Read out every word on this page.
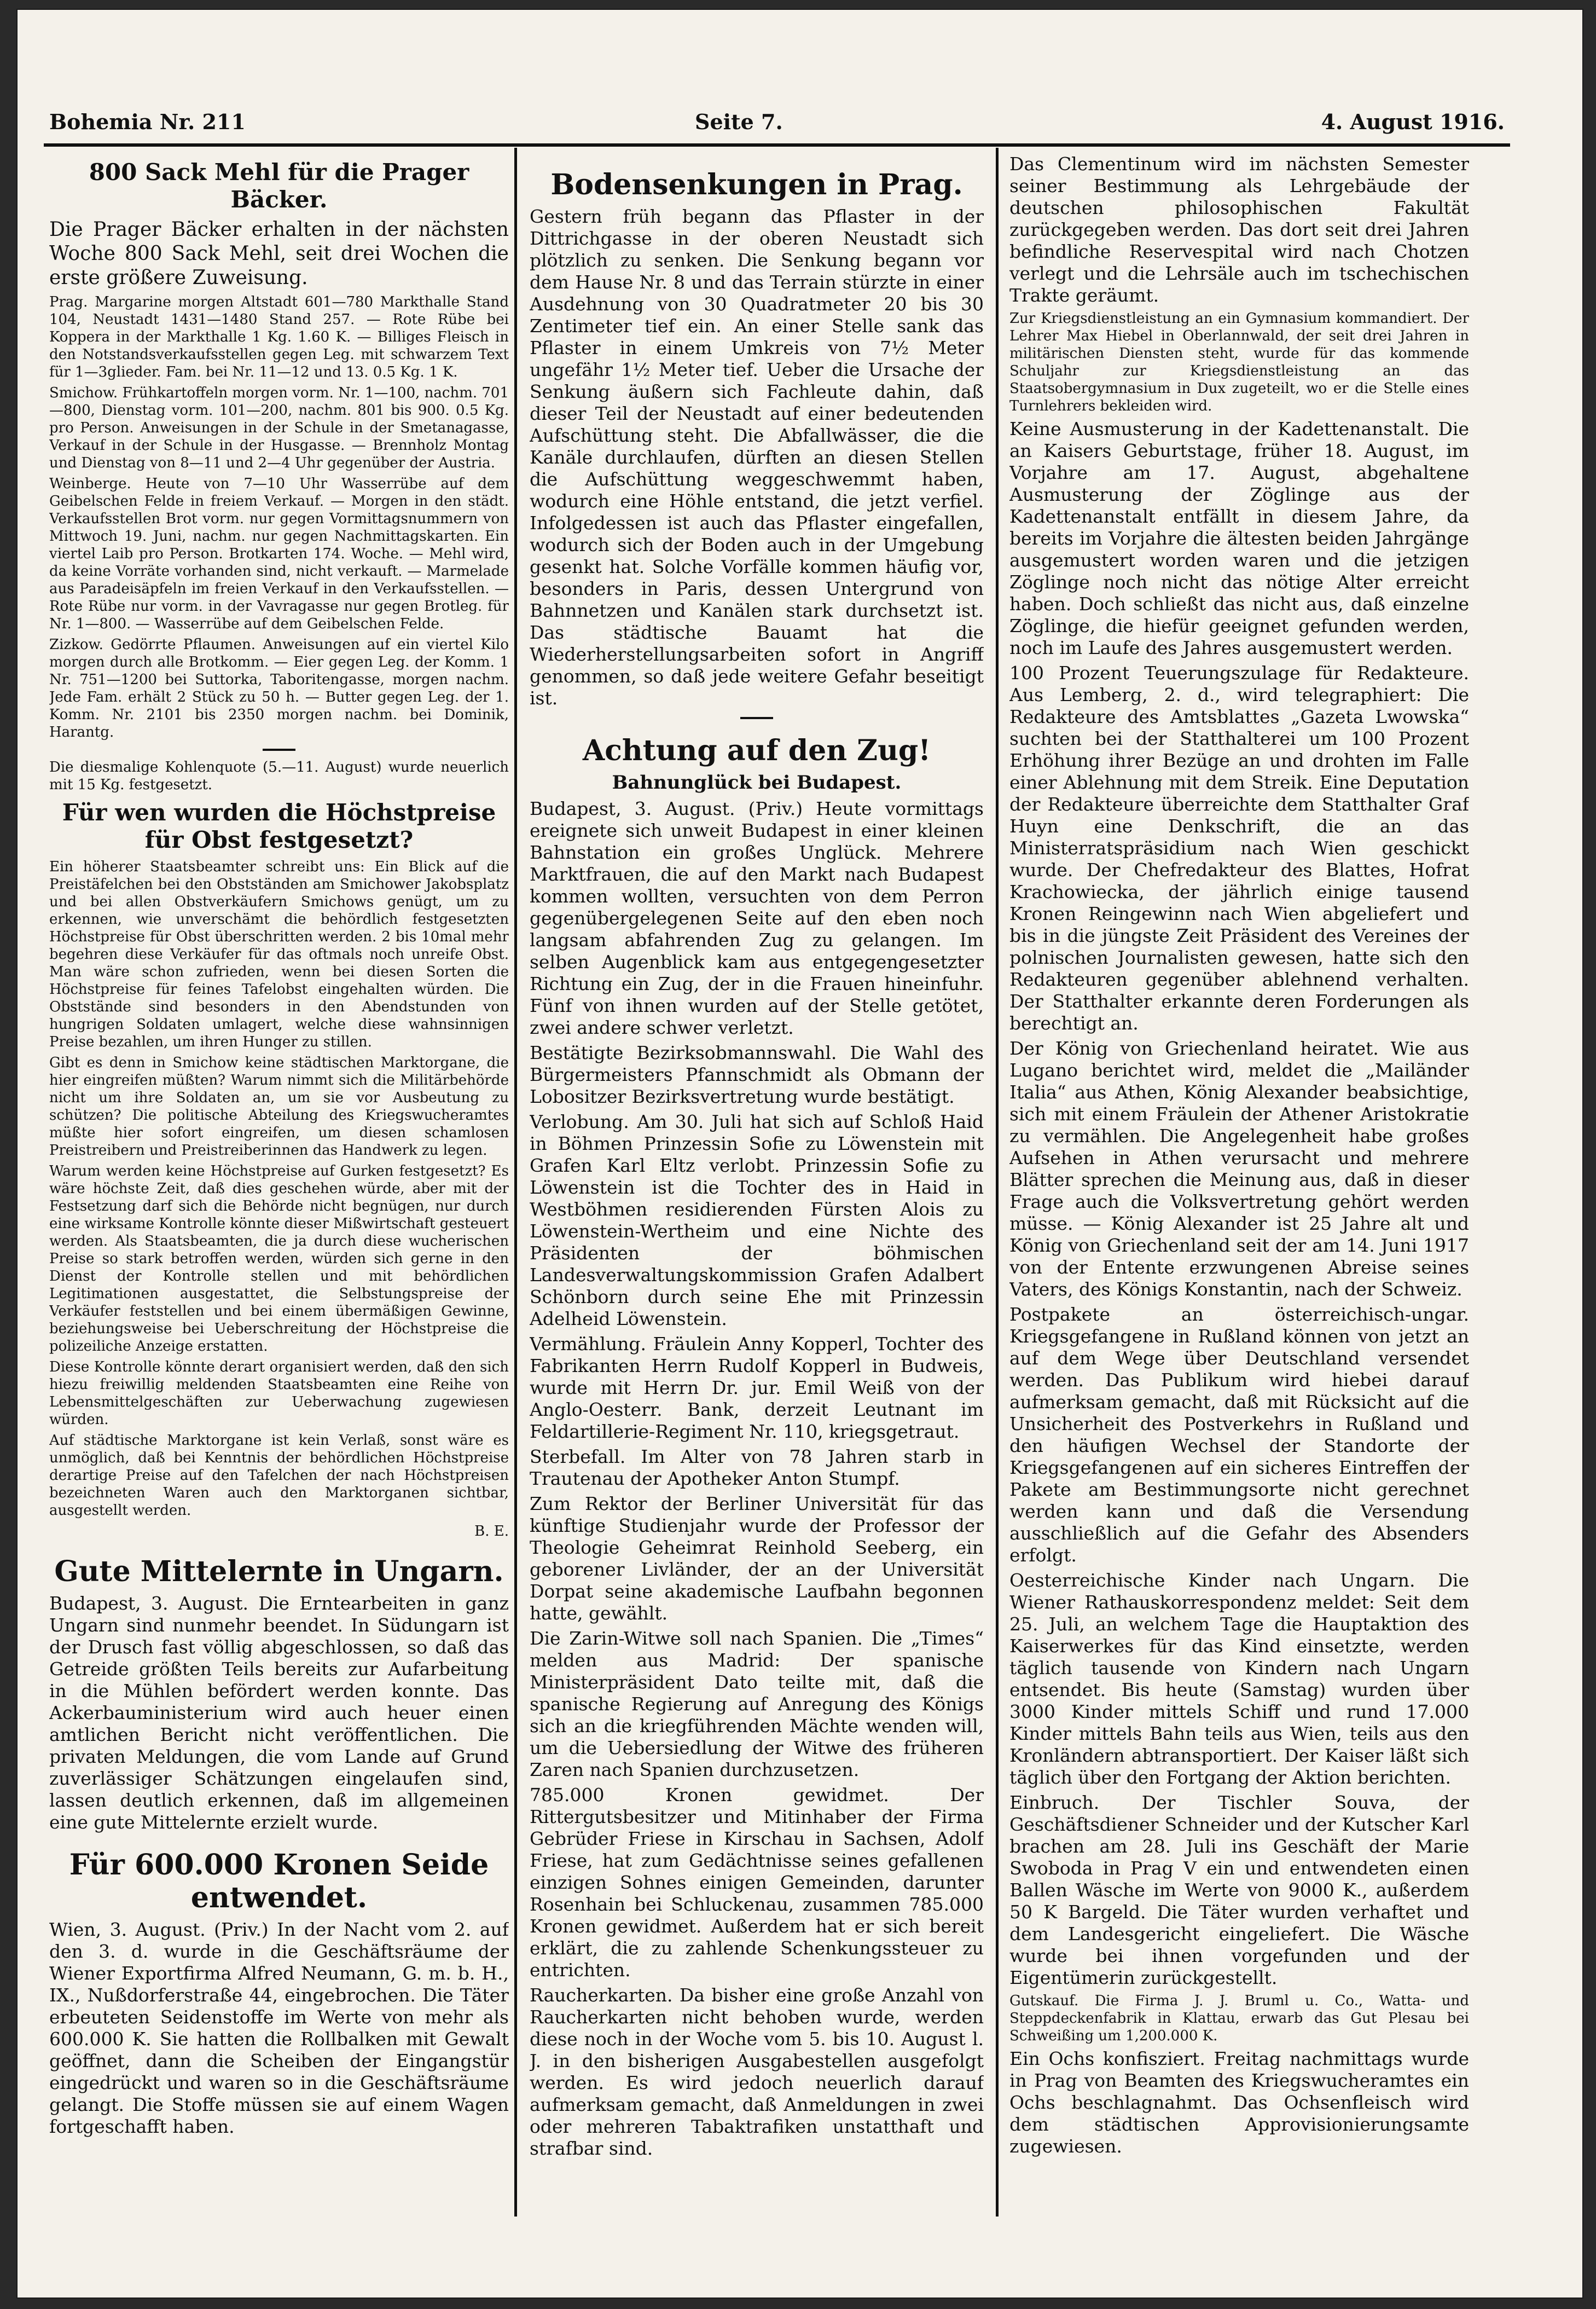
Bohemia Nr. 211	Seite 7.	4. August 1916.
800 Sack Mehl für die Prager Bäcker.
Die Prager Bäcker erhalten in der nächsten Woche 800 Sack Mehl, seit drei Wochen die erste größere Zuweisung.
Prag. Margarine morgen Altstadt 601—780 Markthalle Stand 104, Neustadt 1431—1480 Stand 257. — Rote Rübe bei Koppera in der Markthalle 1 Kg. 1.60 K. — Billiges Fleisch in den Notstandsverkaufsstellen gegen Leg. mit schwarzem Text für 1—3glieder. Fam. bei Nr. 11—12 und 13. 0.5 Kg. 1 K.
Smichow. Frühkartoffeln morgen vorm. Nr. 1—100, nachm. 701—800, Dienstag vorm. 101—200, nachm. 801 bis 900. 0.5 Kg. pro Person. Anweisungen in der Schule in der Smetanagasse, Verkauf in der Schule in der Husgasse. — Brennholz Montag und Dienstag von 8—11 und 2—4 Uhr gegenüber der Austria.
Weinberge. Heute von 7—10 Uhr Wasserrübe auf dem Geibelschen Felde in freiem Verkauf. — Morgen in den städt. Verkaufsstellen Brot vorm. nur gegen Vormittagsnummern von Mittwoch 19. Juni, nachm. nur gegen Nachmittagskarten. Ein viertel Laib pro Person. Brotkarten 174. Woche. — Mehl wird, da keine Vorräte vorhanden sind, nicht verkauft. — Marmelade aus Paradeisäpfeln im freien Verkauf in den Verkaufsstellen. — Rote Rübe nur vorm. in der Vavragasse nur gegen Brotleg. für Nr. 1—800. — Wasserrübe auf dem Geibelschen Felde.
Zizkow. Gedörrte Pflaumen. Anweisungen auf ein viertel Kilo morgen durch alle Brotkomm. — Eier gegen Leg. der Komm. 1 Nr. 751—1200 bei Suttorka, Taboritengasse, morgen nachm. Jede Fam. erhält 2 Stück zu 50 h. — Butter gegen Leg. der 1. Komm. Nr. 2101 bis 2350 morgen nachm. bei Dominik, Harantg.
Die diesmalige Kohlenquote (5.—11. August) wurde neuerlich mit 15 Kg. festgesetzt.
Für wen wurden die Höchstpreise für Obst festgesetzt?
Ein höherer Staatsbeamter schreibt uns: Ein Blick auf die Preistäfelchen bei den Obstständen am Smichower Jakobsplatz und bei allen Obstverkäufern Smichows genügt, um zu erkennen, wie unverschämt die behördlich festgesetzten Höchstpreise für Obst überschritten werden. 2 bis 10mal mehr begehren diese Verkäufer für das oftmals noch unreife Obst. Man wäre schon zufrieden, wenn bei diesen Sorten die Höchstpreise für feines Tafelobst eingehalten würden. Die Obststände sind besonders in den Abendstunden von hungrigen Soldaten umlagert, welche diese wahnsinnigen Preise bezahlen, um ihren Hunger zu stillen.
Gibt es denn in Smichow keine städtischen Marktorgane, die hier eingreifen müßten? Warum nimmt sich die Militärbehörde nicht um ihre Soldaten an, um sie vor Ausbeutung zu schützen? Die politische Abteilung des Kriegswucheramtes müßte hier sofort eingreifen, um diesen schamlosen Preistreibern und Preistreiberinnen das Handwerk zu legen.
Warum werden keine Höchstpreise auf Gurken festgesetzt? Es wäre höchste Zeit, daß dies geschehen würde, aber mit der Festsetzung darf sich die Behörde nicht begnügen, nur durch eine wirksame Kontrolle könnte dieser Mißwirtschaft gesteuert werden. Als Staatsbeamten, die ja durch diese wucherischen Preise so stark betroffen werden, würden sich gerne in den Dienst der Kontrolle stellen und mit behördlichen Legitimationen ausgestattet, die Selbstungspreise der Verkäufer feststellen und bei einem übermäßigen Gewinne, beziehungsweise bei Ueberschreitung der Höchstpreise die polizeiliche Anzeige erstatten.
Diese Kontrolle könnte derart organisiert werden, daß den sich hiezu freiwillig meldenden Staatsbeamten eine Reihe von Lebensmittelgeschäften zur Ueberwachung zugewiesen würden.
Auf städtische Marktorgane ist kein Verlaß, sonst wäre es unmöglich, daß bei Kenntnis der behördlichen Höchstpreise derartige Preise auf den Tafelchen der nach Höchstpreisen bezeichneten Waren auch den Marktorganen sichtbar, ausgestellt werden.
B. E.
Gute Mittelernte in Ungarn.
Budapest, 3. August. Die Erntearbeiten in ganz Ungarn sind nunmehr beendet. In Südungarn ist der Drusch fast völlig abgeschlossen, so daß das Getreide größten Teils bereits zur Aufarbeitung in die Mühlen befördert werden konnte. Das Ackerbauministerium wird auch heuer einen amtlichen Bericht nicht veröffentlichen. Die privaten Meldungen, die vom Lande auf Grund zuverlässiger Schätzungen eingelaufen sind, lassen deutlich erkennen, daß im allgemeinen eine gute Mittelernte erzielt wurde.
Für 600.000 Kronen Seide entwendet.
Wien, 3. August. (Priv.) In der Nacht vom 2. auf den 3. d. wurde in die Geschäftsräume der Wiener Exportfirma Alfred Neumann, G. m. b. H., IX., Nußdorferstraße 44, eingebrochen. Die Täter erbeuteten Seidenstoffe im Werte von mehr als 600.000 K. Sie hatten die Rollbalken mit Gewalt geöffnet, dann die Scheiben der Eingangstür eingedrückt und waren so in die Geschäftsräume gelangt. Die Stoffe müssen sie auf einem Wagen fortgeschafft haben.
Bodensenkungen in Prag.
Gestern früh begann das Pflaster in der Dittrichgasse in der oberen Neustadt sich plötzlich zu senken. Die Senkung begann vor dem Hause Nr. 8 und das Terrain stürzte in einer Ausdehnung von 30 Quadratmeter 20 bis 30 Zentimeter tief ein. An einer Stelle sank das Pflaster in einem Umkreis von 7½ Meter ungefähr 1½ Meter tief. Ueber die Ursache der Senkung äußern sich Fachleute dahin, daß dieser Teil der Neustadt auf einer bedeutenden Aufschüttung steht. Die Abfallwässer, die die Kanäle durchlaufen, dürften an diesen Stellen die Aufschüttung weggeschwemmt haben, wodurch eine Höhle entstand, die jetzt verfiel. Infolgedessen ist auch das Pflaster eingefallen, wodurch sich der Boden auch in der Umgebung gesenkt hat. Solche Vorfälle kommen häufig vor, besonders in Paris, dessen Untergrund von Bahnnetzen und Kanälen stark durchsetzt ist. Das städtische Bauamt hat die Wiederherstellungsarbeiten sofort in Angriff genommen, so daß jede weitere Gefahr beseitigt ist.
Achtung auf den Zug!
Bahnunglück bei Budapest.
Budapest, 3. August. (Priv.) Heute vormittags ereignete sich unweit Budapest in einer kleinen Bahnstation ein großes Unglück. Mehrere Marktfrauen, die auf den Markt nach Budapest kommen wollten, versuchten von dem Perron gegenübergelegenen Seite auf den eben noch langsam abfahrenden Zug zu gelangen. Im selben Augenblick kam aus entgegengesetzter Richtung ein Zug, der in die Frauen hineinfuhr. Fünf von ihnen wurden auf der Stelle getötet, zwei andere schwer verletzt.
Bestätigte Bezirksobmannswahl. Die Wahl des Bürgermeisters Pfannschmidt als Obmann der Lobositzer Bezirksvertretung wurde bestätigt.
Verlobung. Am 30. Juli hat sich auf Schloß Haid in Böhmen Prinzessin Sofie zu Löwenstein mit Grafen Karl Eltz verlobt. Prinzessin Sofie zu Löwenstein ist die Tochter des in Haid in Westböhmen residierenden Fürsten Alois zu Löwenstein-Wertheim und eine Nichte des Präsidenten der böhmischen Landesverwaltungskommission Grafen Adalbert Schönborn durch seine Ehe mit Prinzessin Adelheid Löwenstein.
Vermählung. Fräulein Anny Kopperl, Tochter des Fabrikanten Herrn Rudolf Kopperl in Budweis, wurde mit Herrn Dr. jur. Emil Weiß von der Anglo-Oesterr. Bank, derzeit Leutnant im Feldartillerie-Regiment Nr. 110, kriegsgetraut.
Sterbefall. Im Alter von 78 Jahren starb in Trautenau der Apotheker Anton Stumpf.
Zum Rektor der Berliner Universität für das künftige Studienjahr wurde der Professor der Theologie Geheimrat Reinhold Seeberg, ein geborener Livländer, der an der Universität Dorpat seine akademische Laufbahn begonnen hatte, gewählt.
Die Zarin-Witwe soll nach Spanien. Die „Times“ melden aus Madrid: Der spanische Ministerpräsident Dato teilte mit, daß die spanische Regierung auf Anregung des Königs sich an die kriegführenden Mächte wenden will, um die Uebersiedlung der Witwe des früheren Zaren nach Spanien durchzusetzen.
785.000 Kronen gewidmet. Der Rittergutsbesitzer und Mitinhaber der Firma Gebrüder Friese in Kirschau in Sachsen, Adolf Friese, hat zum Gedächtnisse seines gefallenen einzigen Sohnes einigen Gemeinden, darunter Rosenhain bei Schluckenau, zusammen 785.000 Kronen gewidmet. Außerdem hat er sich bereit erklärt, die zu zahlende Schenkungssteuer zu entrichten.
Raucherkarten. Da bisher eine große Anzahl von Raucherkarten nicht behoben wurde, werden diese noch in der Woche vom 5. bis 10. August l. J. in den bisherigen Ausgabestellen ausgefolgt werden. Es wird jedoch neuerlich darauf aufmerksam gemacht, daß Anmeldungen in zwei oder mehreren Tabaktrafiken unstatthaft und strafbar sind.
Das Clementinum wird im nächsten Semester seiner Bestimmung als Lehrgebäude der deutschen philosophischen Fakultät zurückgegeben werden. Das dort seit drei Jahren befindliche Reservespital wird nach Chotzen verlegt und die Lehrsäle auch im tschechischen Trakte geräumt.
Zur Kriegsdienstleistung an ein Gymnasium kommandiert. Der Lehrer Max Hiebel in Oberlannwald, der seit drei Jahren in militärischen Diensten steht, wurde für das kommende Schuljahr zur Kriegsdienstleistung an das Staatsobergymnasium in Dux zugeteilt, wo er die Stelle eines Turnlehrers bekleiden wird.
Keine Ausmusterung in der Kadettenanstalt. Die an Kaisers Geburtstage, früher 18. August, im Vorjahre am 17. August, abgehaltene Ausmusterung der Zöglinge aus der Kadettenanstalt entfällt in diesem Jahre, da bereits im Vorjahre die ältesten beiden Jahrgänge ausgemustert worden waren und die jetzigen Zöglinge noch nicht das nötige Alter erreicht haben. Doch schließt das nicht aus, daß einzelne Zöglinge, die hiefür geeignet gefunden werden, noch im Laufe des Jahres ausgemustert werden.
100 Prozent Teuerungszulage für Redakteure. Aus Lemberg, 2. d., wird telegraphiert: Die Redakteure des Amtsblattes „Gazeta Lwowska“ suchten bei der Statthalterei um 100 Prozent Erhöhung ihrer Bezüge an und drohten im Falle einer Ablehnung mit dem Streik. Eine Deputation der Redakteure überreichte dem Statthalter Graf Huyn eine Denkschrift, die an das Ministerratspräsidium nach Wien geschickt wurde. Der Chefredakteur des Blattes, Hofrat Krachowiecka, der jährlich einige tausend Kronen Reingewinn nach Wien abgeliefert und bis in die jüngste Zeit Präsident des Vereines der polnischen Journalisten gewesen, hatte sich den Redakteuren gegenüber ablehnend verhalten. Der Statthalter erkannte deren Forderungen als berechtigt an.
Der König von Griechenland heiratet. Wie aus Lugano berichtet wird, meldet die „Mailänder Italia“ aus Athen, König Alexander beabsichtige, sich mit einem Fräulein der Athener Aristokratie zu vermählen. Die Angelegenheit habe großes Aufsehen in Athen verursacht und mehrere Blätter sprechen die Meinung aus, daß in dieser Frage auch die Volksvertretung gehört werden müsse. — König Alexander ist 25 Jahre alt und König von Griechenland seit der am 14. Juni 1917 von der Entente erzwungenen Abreise seines Vaters, des Königs Konstantin, nach der Schweiz.
Postpakete an österreichisch-ungar. Kriegsgefangene in Rußland können von jetzt an auf dem Wege über Deutschland versendet werden. Das Publikum wird hiebei darauf aufmerksam gemacht, daß mit Rücksicht auf die Unsicherheit des Postverkehrs in Rußland und den häufigen Wechsel der Standorte der Kriegsgefangenen auf ein sicheres Eintreffen der Pakete am Bestimmungsorte nicht gerechnet werden kann und daß die Versendung ausschließlich auf die Gefahr des Absenders erfolgt.
Oesterreichische Kinder nach Ungarn. Die Wiener Rathauskorrespondenz meldet: Seit dem 25. Juli, an welchem Tage die Hauptaktion des Kaiserwerkes für das Kind einsetzte, werden täglich tausende von Kindern nach Ungarn entsendet. Bis heute (Samstag) wurden über 3000 Kinder mittels Schiff und rund 17.000 Kinder mittels Bahn teils aus Wien, teils aus den Kronländern abtransportiert. Der Kaiser läßt sich täglich über den Fortgang der Aktion berichten.
Einbruch. Der Tischler Souva, der Geschäftsdiener Schneider und der Kutscher Karl brachen am 28. Juli ins Geschäft der Marie Swoboda in Prag V ein und entwendeten einen Ballen Wäsche im Werte von 9000 K., außerdem 50 K Bargeld. Die Täter wurden verhaftet und dem Landesgericht eingeliefert. Die Wäsche wurde bei ihnen vorgefunden und der Eigentümerin zurückgestellt.
Gutskauf. Die Firma J. J. Bruml u. Co., Watta- und Steppdeckenfabrik in Klattau, erwarb das Gut Plesau bei Schweißing um 1,200.000 K.
Ein Ochs konfisziert. Freitag nachmittags wurde in Prag von Beamten des Kriegswucheramtes ein Ochs beschlagnahmt. Das Ochsenfleisch wird dem städtischen Approvisionierungsamte zugewiesen.
